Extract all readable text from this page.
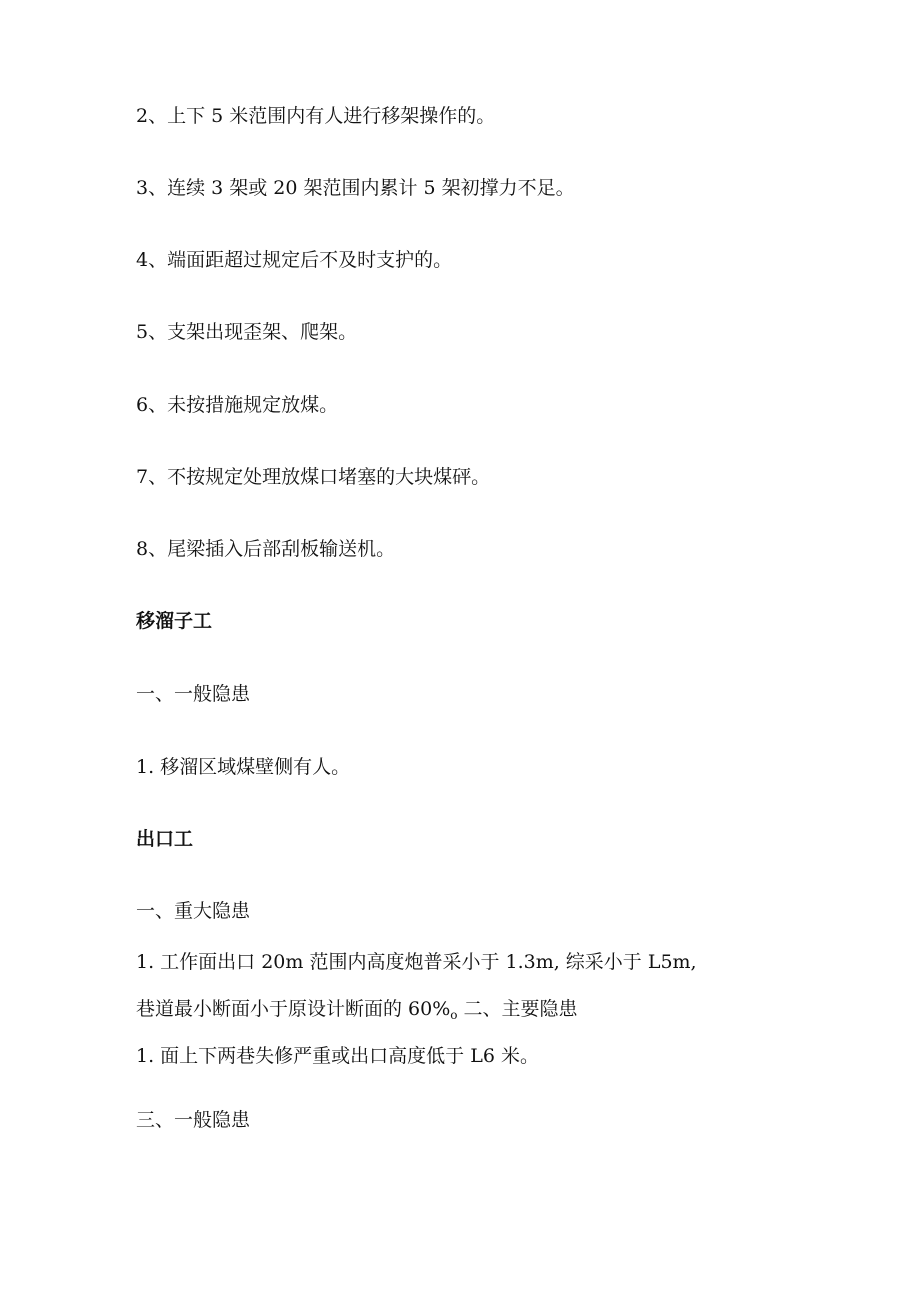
2、上下 5 米范围内有人进行移架操作的。
3、连续 3 架或 20 架范围内累计 5 架初撑力不足。
4、端面距超过规定后不及时支护的。
5、支架出现歪架、爬架。
6、未按措施规定放煤。
7、不按规定处理放煤口堵塞的大块煤砰。
8、尾梁插入后部刮板输送机。
移溜子工
一、一般隐患
1. 移溜区域煤壁侧有人。
出口工
一、重大隐患
1. 工作面出口 20m 范围内高度炮普采小于 1.3m, 综采小于 L5m,
巷道最小断面小于原设计断面的 $60\%_o$ 二、主要隐患
1. 面上下两巷失修严重或出口高度低于 L6 米。
三、一般隐患
